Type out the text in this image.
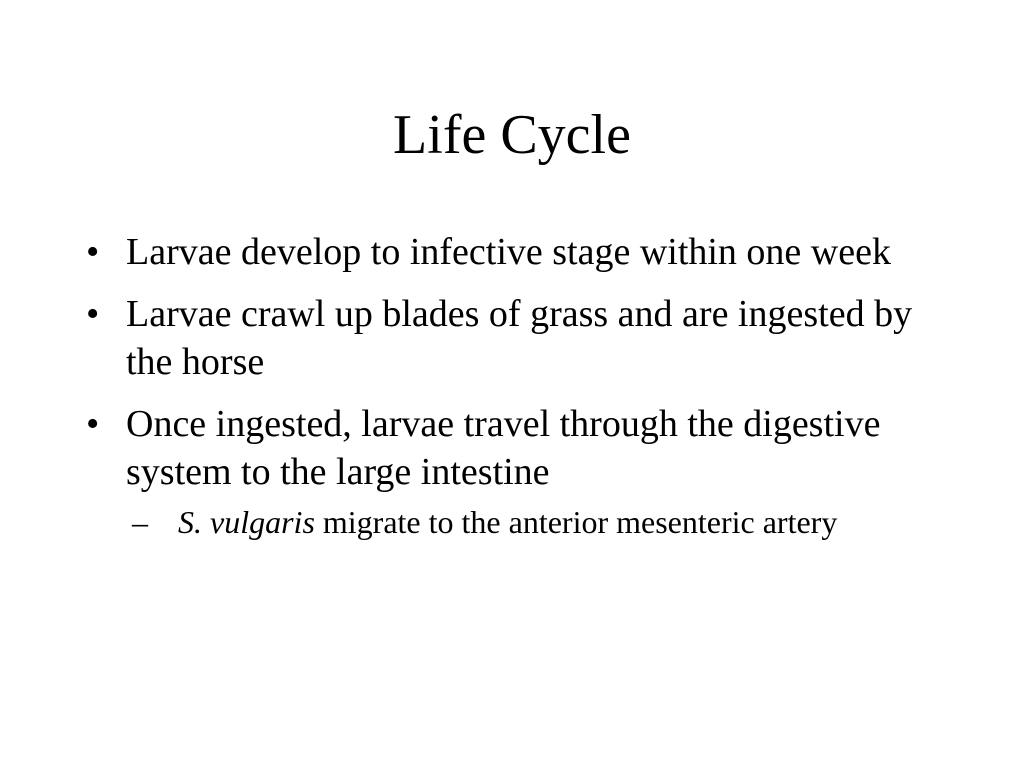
Life Cycle
• Larvae develop to infective stage within one week
• Larvae crawl up blades of grass and are ingested by the horse
• Once ingested, larvae travel through the digestive system to the large intestine
– S. vulgaris migrate to the anterior mesenteric artery
